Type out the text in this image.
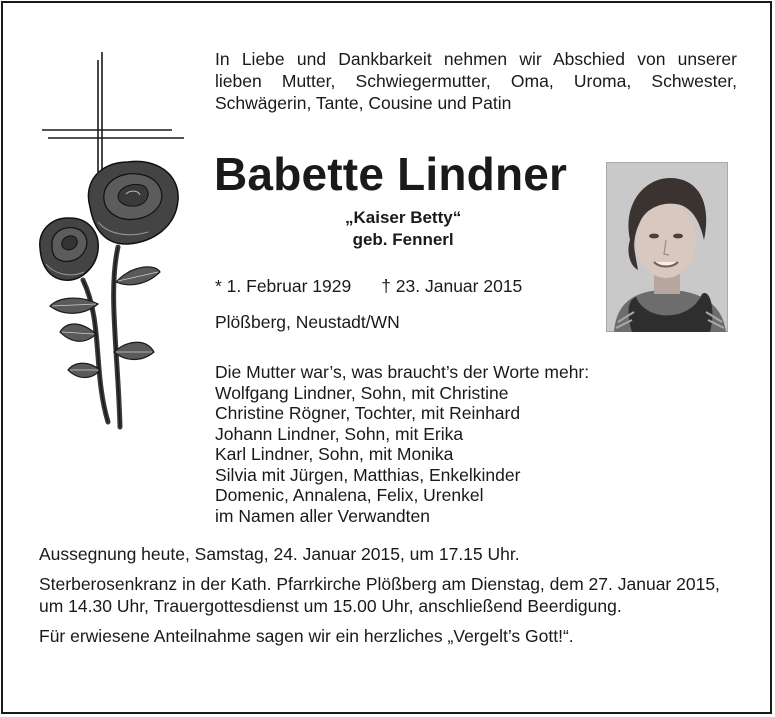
In Liebe und Dankbarkeit nehmen wir Abschied von unserer
lieben Mutter, Schwiegermutter, Oma, Uroma, Schwester,
Schwägerin, Tante, Cousine und Patin
Babette Lindner
„Kaiser Betty“
geb. Fennerl
* 1. Februar 1929 † 23. Januar 2015
Plößberg, Neustadt/WN
Die Mutter war’s, was braucht’s der Worte mehr:
Wolfgang Lindner, Sohn, mit Christine
Christine Rögner, Tochter, mit Reinhard
Johann Lindner, Sohn, mit Erika
Karl Lindner, Sohn, mit Monika
Silvia mit Jürgen, Matthias, Enkelkinder
Domenic, Annalena, Felix, Urenkel
im Namen aller Verwandten

Aussegnung heute, Samstag, 24. Januar 2015, um 17.15 Uhr.

Sterberosenkranz in der Kath. Pfarrkirche Plößberg am Dienstag, dem 27. Januar 2015, um 14.30 Uhr, Trauergottesdienst um 15.00 Uhr, anschließend Beerdigung.

Für erwiesene Anteilnahme sagen wir ein herzliches „Vergelt’s Gott!“.
